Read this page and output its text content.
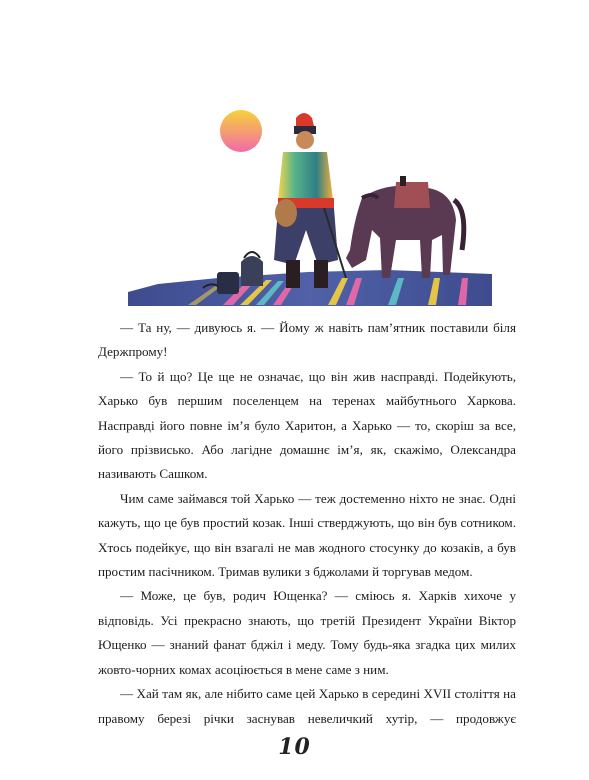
— Та ну, — дивуюсь я. — Йому ж навіть пам’ятник поставили біля Держпрому!

— То й що? Це ще не означає, що він жив насправді. Подейкують, Харько був першим поселенцем на теренах майбутнього Харкова. Насправді його повне ім’я було Харитон, а Харько — то, скоріш за все, його прізвисько. Або лагідне домашнє ім’я, як, скажімо, Олександра називають Сашком.

Чим саме займався той Харько — теж достеменно ніхто не знає. Одні кажуть, що це був простий козак. Інші стверджують, що він був сотником. Хтось подейкує, що він взагалі не мав жодного стосунку до козаків, а був простим пасічником. Тримав вулики з бджолами й торгував медом.

— Може, це був, родич Ющенка? — сміюсь я. Харків хихоче у відповідь. Усі прекрасно знають, що третій Президент України Віктор Ющенко — знаний фанат бджіл і меду. Тому будь-яка згадка цих милих жовто-чорних комах асоціюється в мене саме з ним.

— Хай там як, але нібито саме цей Харько в середині XVII століття на правому березі річки заснував невеличкий хутір, — продовжує

10
